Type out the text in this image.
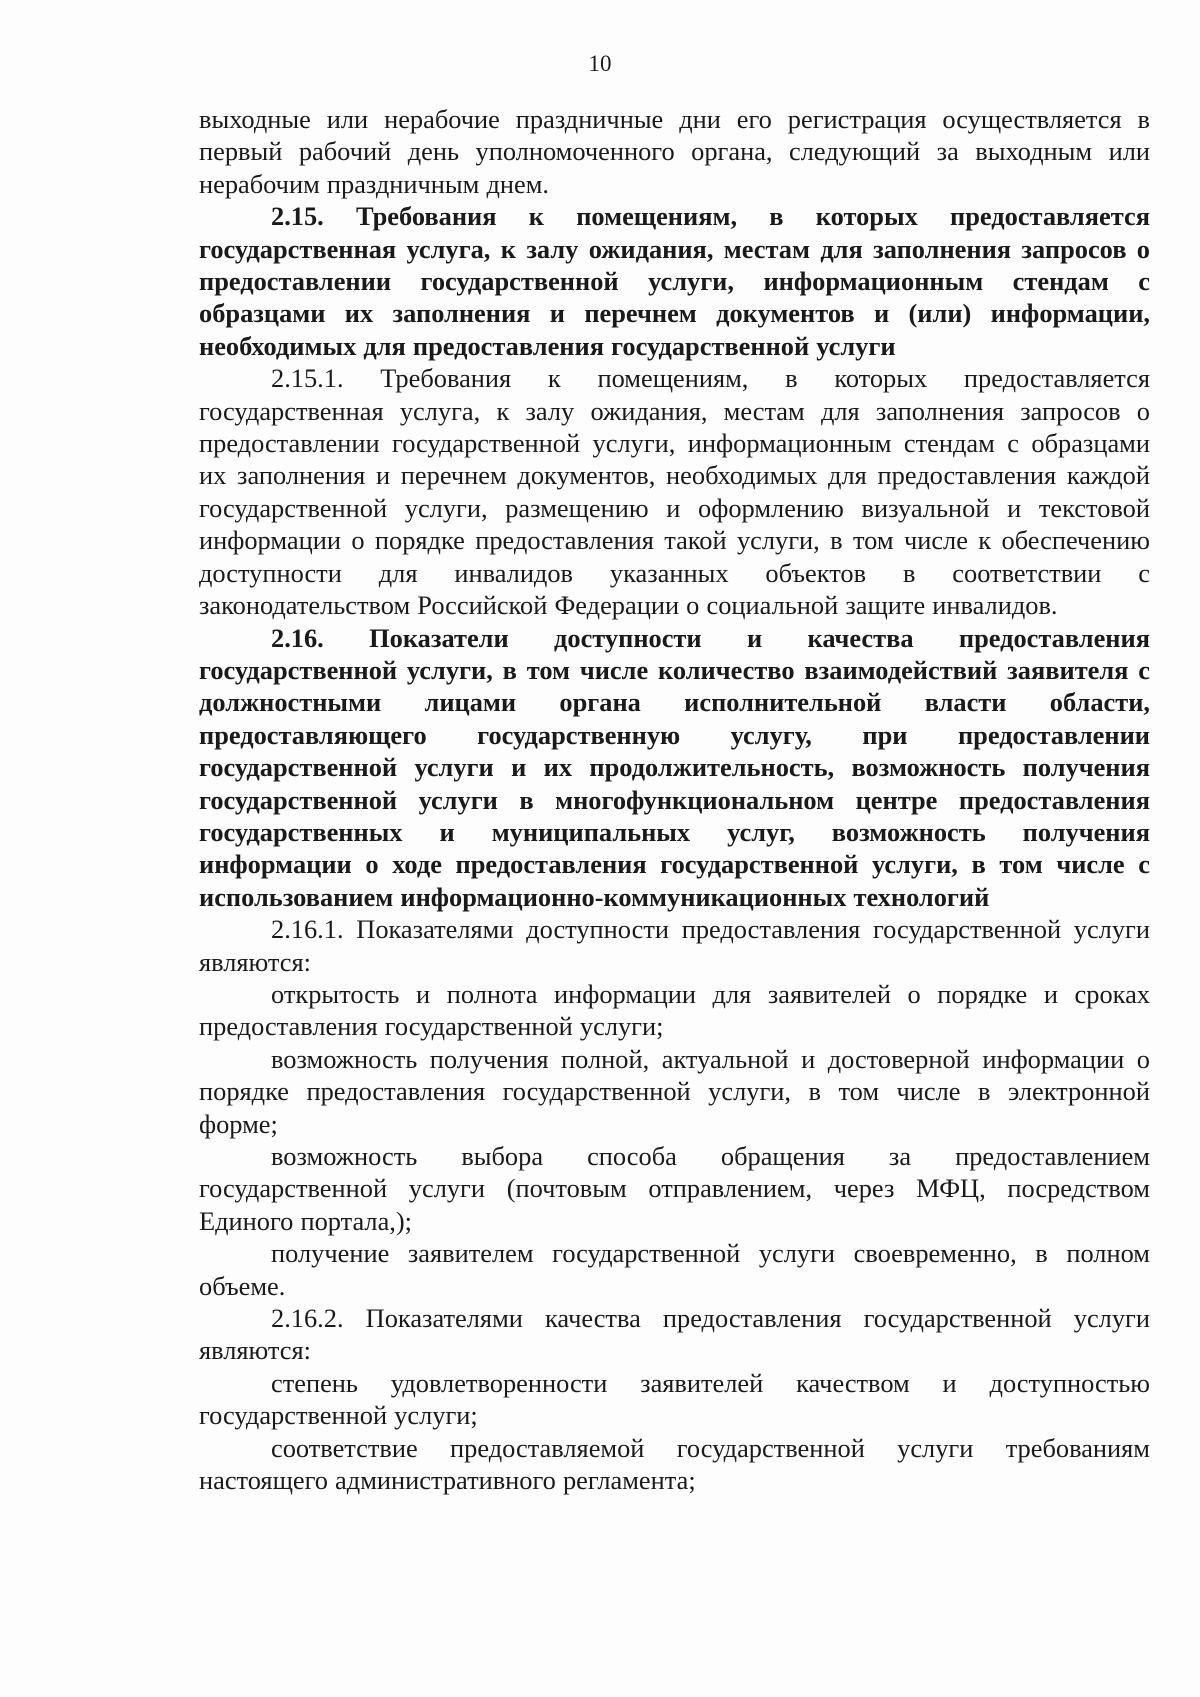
10

выходные или нерабочие праздничные дни его регистрация осуществляется в первый рабочий день уполномоченного органа, следующий за выходным или нерабочим праздничным днем.

2.15. Требования к помещениям, в которых предоставляется государственная услуга, к залу ожидания, местам для заполнения запросов о предоставлении государственной услуги, информационным стендам с образцами их заполнения и перечнем документов и (или) информации, необходимых для предоставления государственной услуги

2.15.1. Требования к помещениям, в которых предоставляется государственная услуга, к залу ожидания, местам для заполнения запросов о предоставлении государственной услуги, информационным стендам с образцами их заполнения и перечнем документов, необходимых для предоставления каждой государственной услуги, размещению и оформлению визуальной и текстовой информации о порядке предоставления такой услуги, в том числе к обеспечению доступности для инвалидов указанных объектов в соответствии с законодательством Российской Федерации о социальной защите инвалидов.

2.16. Показатели доступности и качества предоставления государственной услуги, в том числе количество взаимодействий заявителя с должностными лицами органа исполнительной власти области, предоставляющего государственную услугу, при предоставлении государственной услуги и их продолжительность, возможность получения государственной услуги в многофункциональном центре предоставления государственных и муниципальных услуг, возможность получения информации о ходе предоставления государственной услуги, в том числе с использованием информационно-коммуникационных технологий

2.16.1. Показателями доступности предоставления государственной услуги являются:

открытость и полнота информации для заявителей о порядке и сроках предоставления государственной услуги;

возможность получения полной, актуальной и достоверной информации о порядке предоставления государственной услуги, в том числе в электронной форме;

возможность выбора способа обращения за предоставлением государственной услуги (почтовым отправлением, через МФЦ, посредством Единого портала,);

получение заявителем государственной услуги своевременно, в полном объеме.

2.16.2. Показателями качества предоставления государственной услуги являются:

степень удовлетворенности заявителей качеством и доступностью государственной услуги;

соответствие предоставляемой государственной услуги требованиям настоящего административного регламента;
